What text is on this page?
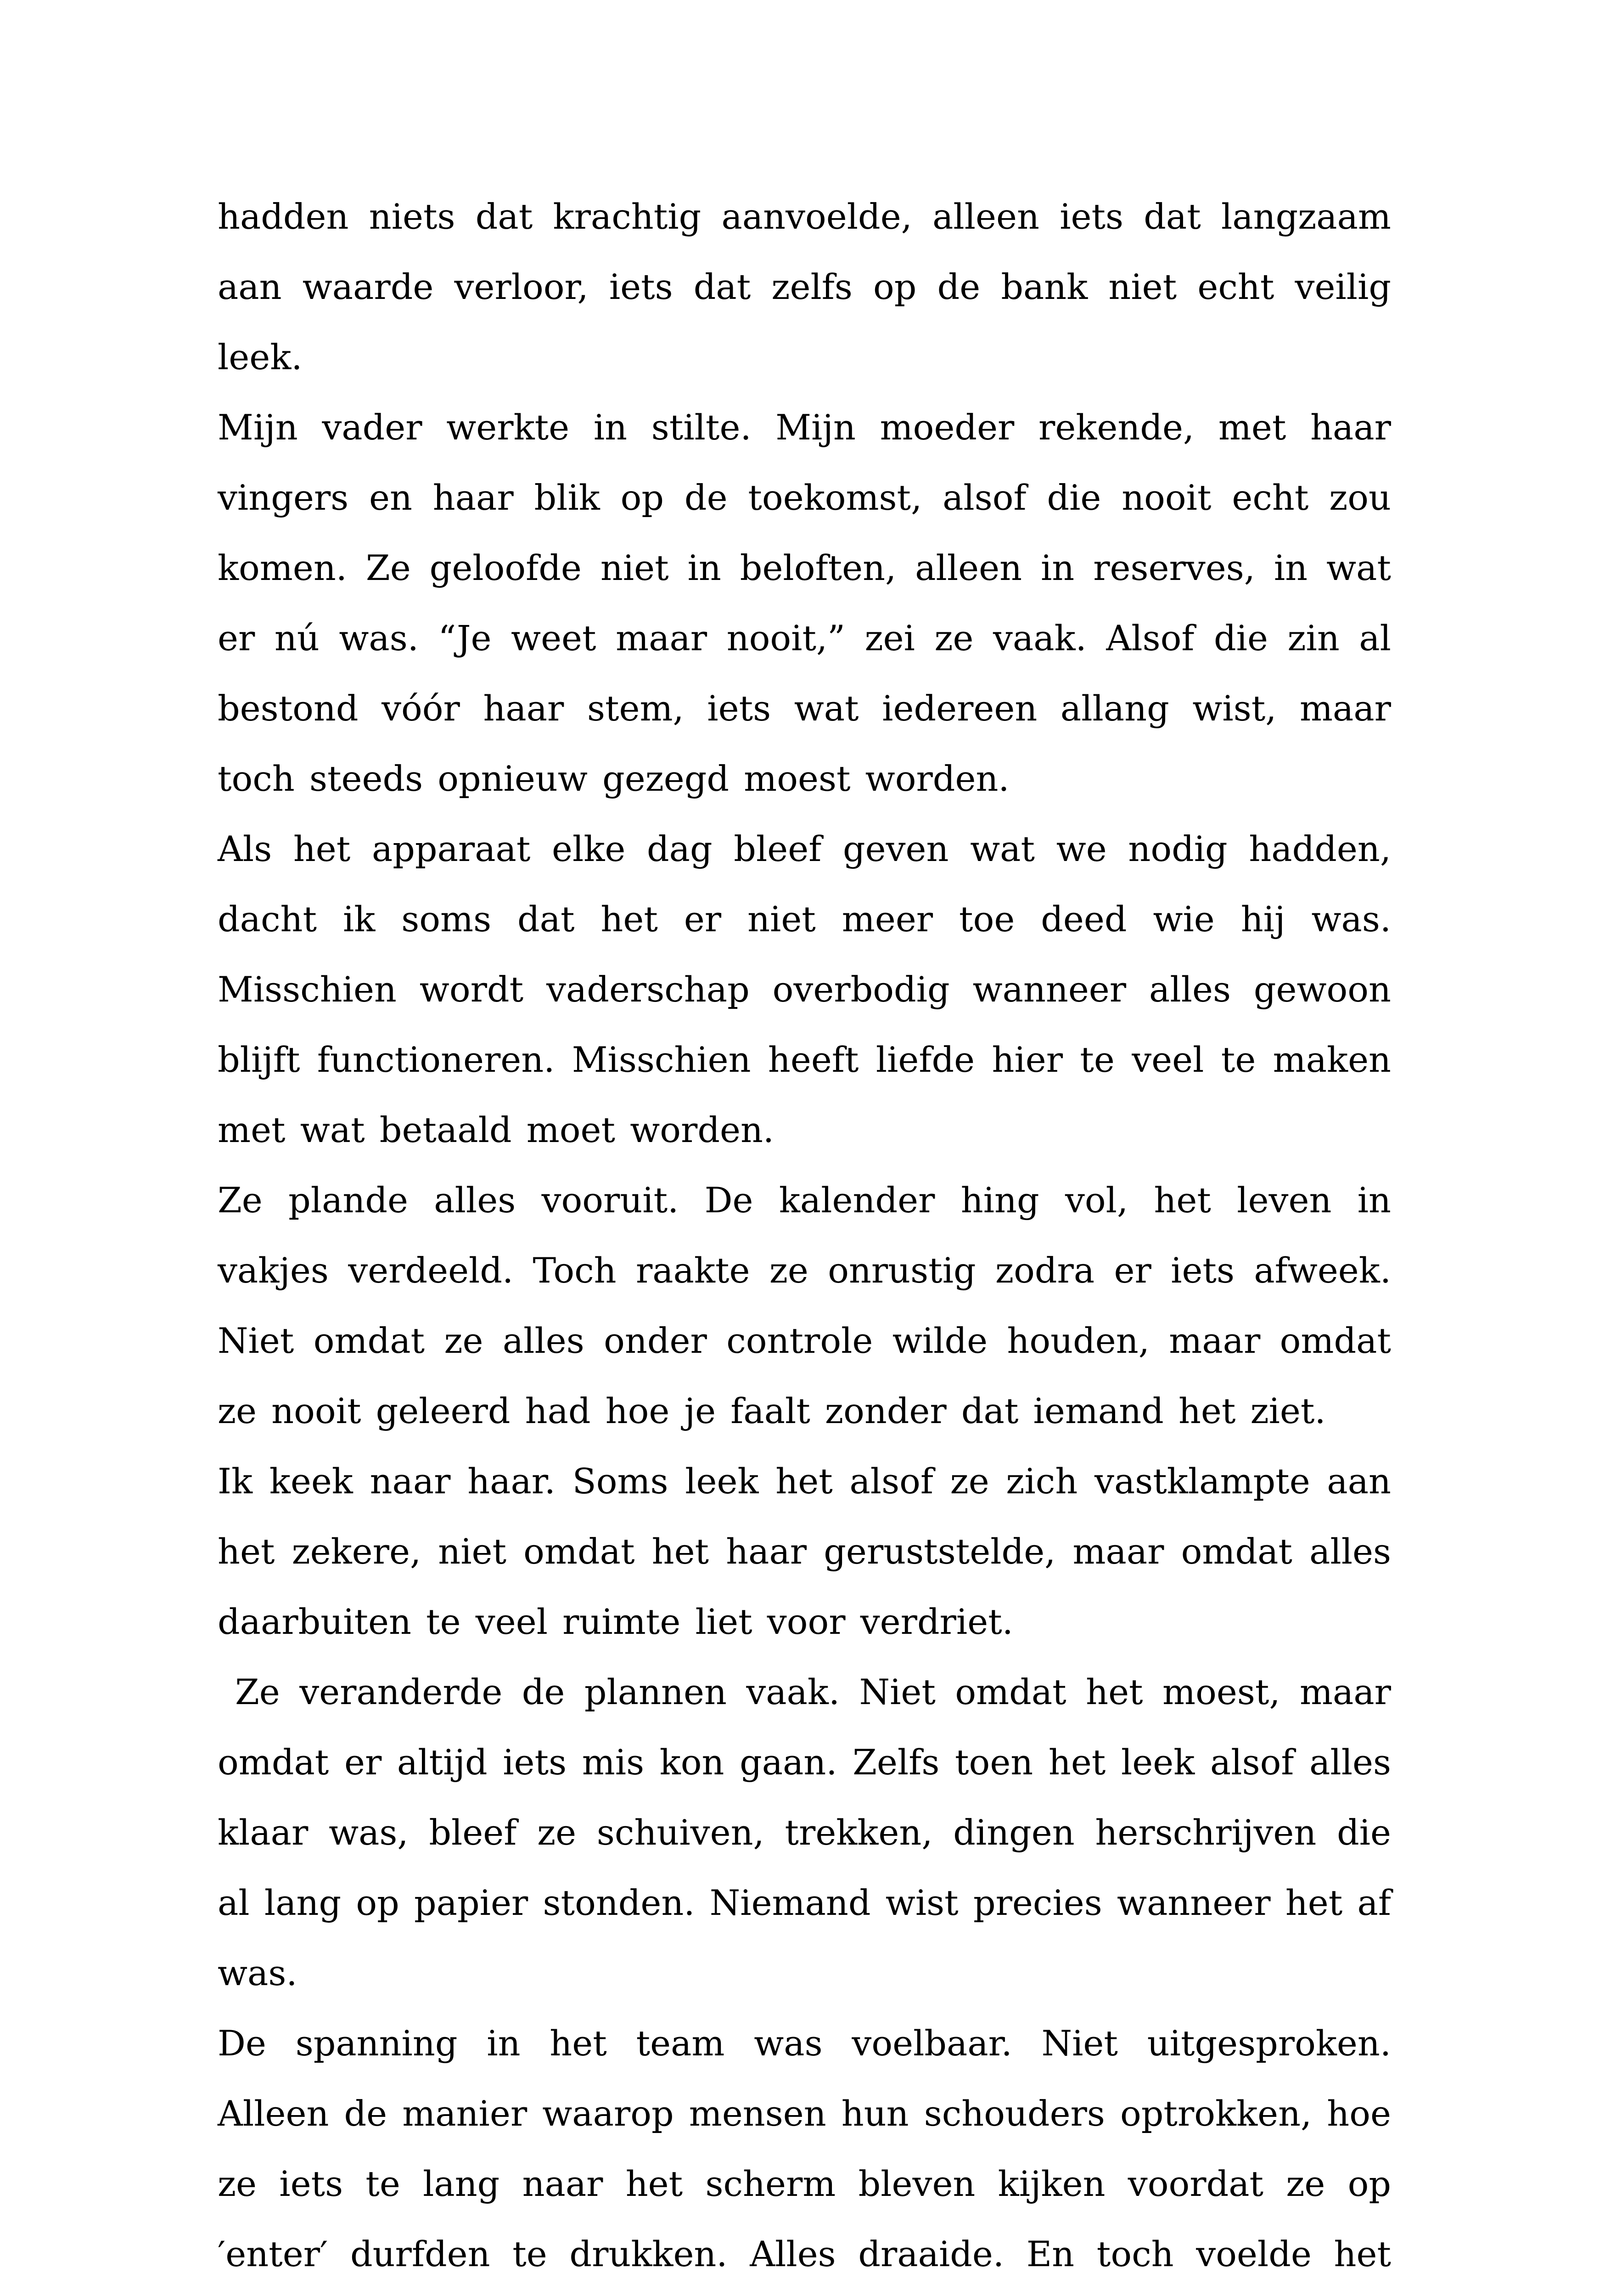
hadden niets dat krachtig aanvoelde, alleen iets dat langzaam aan waarde verloor, iets dat zelfs op de bank niet echt veilig leek.

Mijn vader werkte in stilte. Mijn moeder rekende, met haar vingers en haar blik op de toekomst, alsof die nooit echt zou komen. Ze geloofde niet in beloften, alleen in reserves, in wat er nú was. “Je weet maar nooit,” zei ze vaak. Alsof die zin al bestond vóór haar stem, iets wat iedereen allang wist, maar toch steeds opnieuw gezegd moest worden.

Als het apparaat elke dag bleef geven wat we nodig hadden, dacht ik soms dat het er niet meer toe deed wie hij was. Misschien wordt vaderschap overbodig wanneer alles gewoon blijft functioneren. Misschien heeft liefde hier te veel te maken met wat betaald moet worden.

Ze plande alles vooruit. De kalender hing vol, het leven in vakjes verdeeld. Toch raakte ze onrustig zodra er iets afweek. Niet omdat ze alles onder controle wilde houden, maar omdat ze nooit geleerd had hoe je faalt zonder dat iemand het ziet.

Ik keek naar haar. Soms leek het alsof ze zich vastklampte aan het zekere, niet omdat het haar geruststelde, maar omdat alles daarbuiten te veel ruimte liet voor verdriet.

Ze veranderde de plannen vaak. Niet omdat het moest, maar omdat er altijd iets mis kon gaan. Zelfs toen het leek alsof alles klaar was, bleef ze schuiven, trekken, dingen herschrijven die al lang op papier stonden. Niemand wist precies wanneer het af was.

De spanning in het team was voelbaar. Niet uitgesproken. Alleen de manier waarop mensen hun schouders optrokken, hoe ze iets te lang naar het scherm bleven kijken voordat ze op ′enter′ durfden te drukken. Alles draaide. En toch voelde het
